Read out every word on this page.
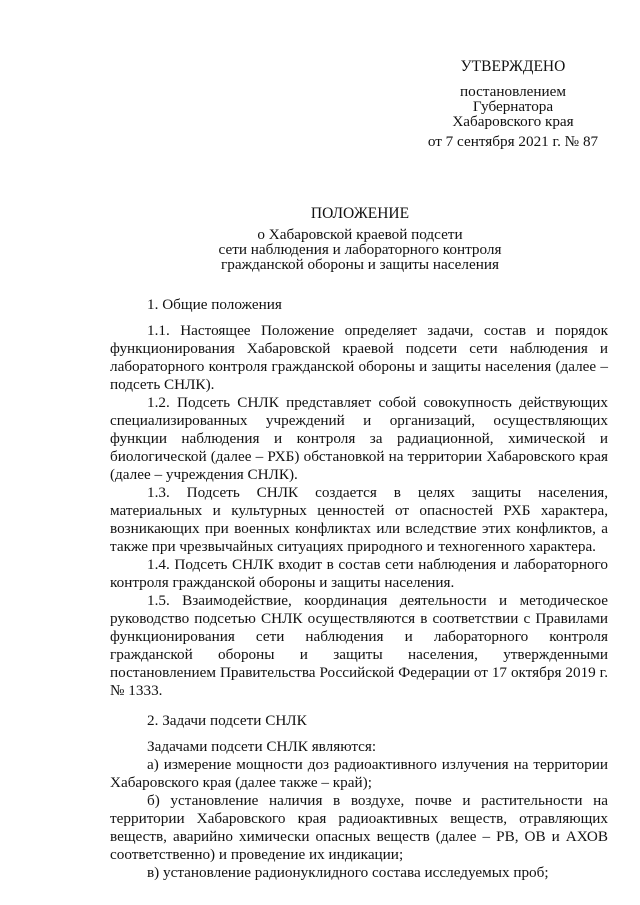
УТВЕРЖДЕНО
постановлением
Губернатора
Хабаровского края
от 7 сентября 2021 г. № 87
ПОЛОЖЕНИЕ
о Хабаровской краевой подсети
сети наблюдения и лабораторного контроля
гражданской обороны и защиты населения
1. Общие положения

1.1. Настоящее Положение определяет задачи, состав и порядок функционирования Хабаровской краевой подсети сети наблюдения и лабораторного контроля гражданской обороны и защиты населения (далее – подсеть СНЛК).

1.2. Подсеть СНЛК представляет собой совокупность действующих специализированных учреждений и организаций, осуществляющих функции наблюдения и контроля за радиационной, химической и биологической (далее – РХБ) обстановкой на территории Хабаровского края (далее – учреждения СНЛК).

1.3. Подсеть СНЛК создается в целях защиты населения, материальных и культурных ценностей от опасностей РХБ характера, возникающих при военных конфликтах или вследствие этих конфликтов, а также при чрезвычайных ситуациях природного и техногенного характера.

1.4. Подсеть СНЛК входит в состав сети наблюдения и лабораторного контроля гражданской обороны и защиты населения.

1.5. Взаимодействие, координация деятельности и методическое руководство подсетью СНЛК осуществляются в соответствии с Правилами функционирования сети наблюдения и лабораторного контроля гражданской обороны и защиты населения, утвержденными постановлением Правительства Российской Федерации от 17 октября 2019 г. № 1333.

2. Задачи подсети СНЛК

Задачами подсети СНЛК являются:

а) измерение мощности доз радиоактивного излучения на территории Хабаровского края (далее также – край);

б) установление наличия в воздухе, почве и растительности на территории Хабаровского края радиоактивных веществ, отравляющих веществ, аварийно химически опасных веществ (далее – РВ, ОВ и АХОВ соответственно) и проведение их индикации;

в) установление радионуклидного состава исследуемых проб;
